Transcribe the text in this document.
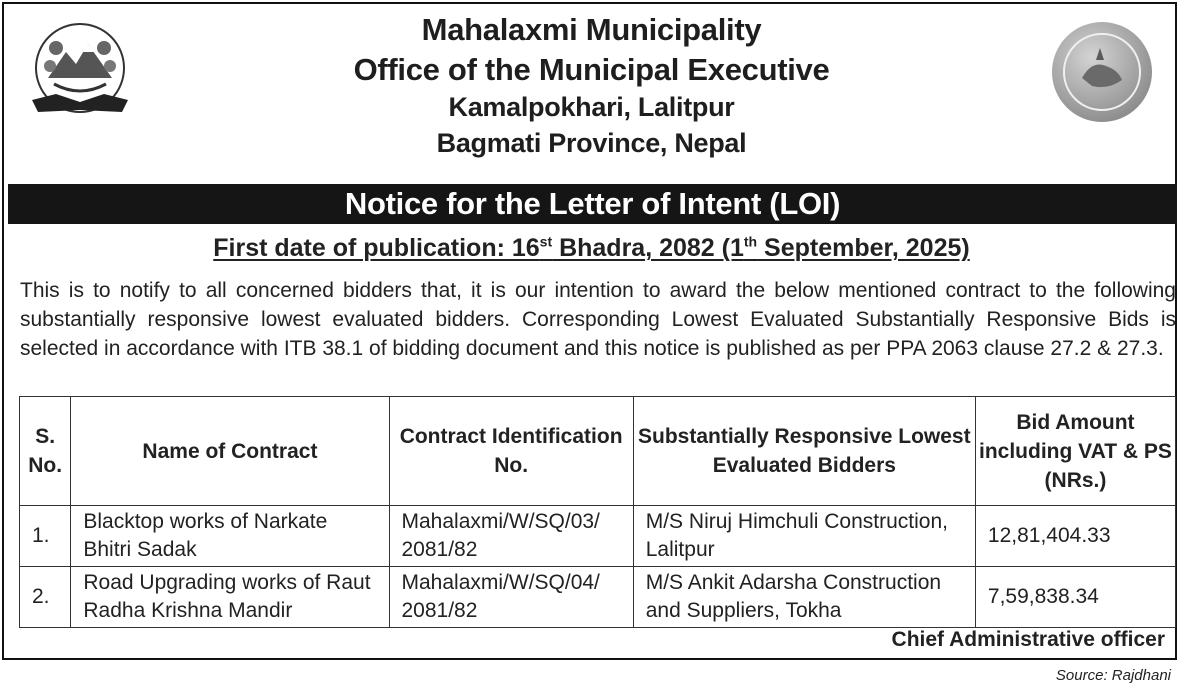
Mahalaxmi Municipality
Office of the Municipal Executive
Kamalpokhari, Lalitpur
Bagmati Province, Nepal
Notice for the Letter of Intent (LOI)
First date of publication: 16st Bhadra, 2082 (1th September, 2025)
This is to notify to all concerned bidders that, it is our intention to award the below mentioned contract to the following substantially responsive lowest evaluated bidders. Corresponding Lowest Evaluated Substantially Responsive Bids is selected in accordance with ITB 38.1 of bidding document and this notice is published as per PPA 2063 clause 27.2 & 27.3.
S. No.	Name of Contract	Contract Identification No.	Substantially Responsive Lowest Evaluated Bidders	Bid Amount including VAT & PS (NRs.)
1.	Blacktop works of Narkate Bhitri Sadak	Mahalaxmi/W/SQ/03/ 2081/82	M/S Niruj Himchuli Construction, Lalitpur	12,81,404.33
2.	Road Upgrading works of Raut Radha Krishna Mandir	Mahalaxmi/W/SQ/04/ 2081/82	M/S Ankit Adarsha Construction and Suppliers, Tokha	7,59,838.34
Chief Administrative officer
Source: Rajdhani
